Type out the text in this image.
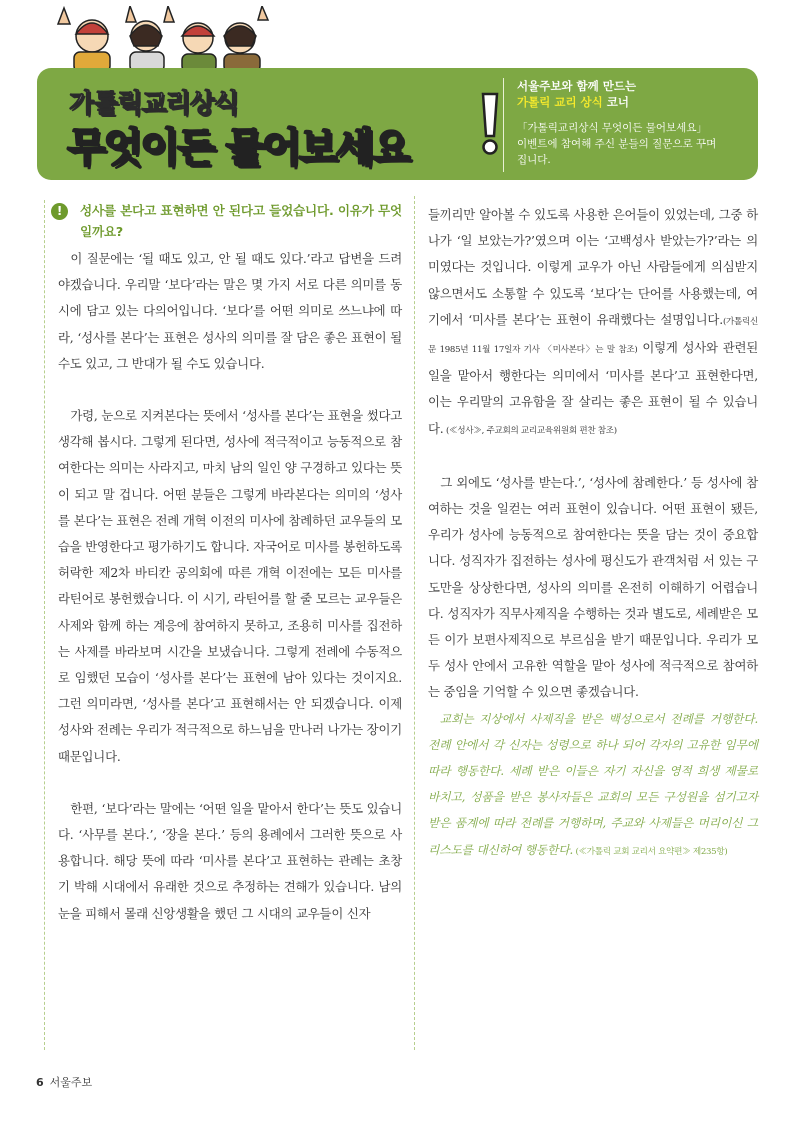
가톨릭교리상식
무엇이든 물어보세요
서울주보와 함께 만드는
가톨릭 교리 상식 코너
「가톨릭교리상식 무엇이든 물어보세요」 이벤트에 참여해 주신 분들의 질문으로 꾸며집니다.
!	성사를 본다고 표현하면 안 된다고 들었습니다. 이유가 무엇일까요?

이 질문에는 ‘될 때도 있고, 안 될 때도 있다.’라고 답변을 드려야겠습니다. 우리말 ‘보다’라는 말은 몇 가지 서로 다른 의미를 동시에 담고 있는 다의어입니다. ‘보다’를 어떤 의미로 쓰느냐에 따라, ‘성사를 본다’는 표현은 성사의 의미를 잘 담은 좋은 표현이 될 수도 있고, 그 반대가 될 수도 있습니다.

가령, 눈으로 지켜본다는 뜻에서 ‘성사를 본다’는 표현을 썼다고 생각해 봅시다. 그렇게 된다면, 성사에 적극적이고 능동적으로 참여한다는 의미는 사라지고, 마치 남의 일인 양 구경하고 있다는 뜻이 되고 말 겁니다. 어떤 분들은 그렇게 바라본다는 의미의 ‘성사를 본다’는 표현은 전례 개혁 이전의 미사에 참례하던 교우들의 모습을 반영한다고 평가하기도 합니다. 자국어로 미사를 봉헌하도록 허락한 제2차 바티칸 공의회에 따른 개혁 이전에는 모든 미사를 라틴어로 봉헌했습니다. 이 시기, 라틴어를 할 줄 모르는 교우들은 사제와 함께 하는 계응에 참여하지 못하고, 조용히 미사를 집전하는 사제를 바라보며 시간을 보냈습니다. 그렇게 전례에 수동적으로 임했던 모습이 ‘성사를 본다’는 표현에 남아 있다는 것이지요. 그런 의미라면, ‘성사를 본다’고 표현해서는 안 되겠습니다. 이제 성사와 전례는 우리가 적극적으로 하느님을 만나러 나가는 장이기 때문입니다.

한편, ‘보다’라는 말에는 ‘어떤 일을 맡아서 한다’는 뜻도 있습니다. ‘사무를 본다.’, ‘장을 본다.’ 등의 용례에서 그러한 뜻으로 사용합니다. 해당 뜻에 따라 ‘미사를 본다’고 표현하는 관례는 초창기 박해 시대에서 유래한 것으로 추정하는 견해가 있습니다. 남의 눈을 피해서 몰래 신앙생활을 했던 그 시대의 교우들이 신자

들끼리만 알아볼 수 있도록 사용한 은어들이 있었는데, 그중 하나가 ‘일 보았는가?’였으며 이는 ‘고백성사 받았는가?’라는 의미였다는 것입니다. 이렇게 교우가 아닌 사람들에게 의심받지 않으면서도 소통할 수 있도록 ‘보다’는 단어를 사용했는데, 여기에서 ‘미사를 본다’는 표현이 유래했다는 설명입니다.(가톨릭신문 1985년 11월 17일자 기사 〈미사본다〉는 말 참조) 이렇게 성사와 관련된 일을 맡아서 행한다는 의미에서 ‘미사를 본다’고 표현한다면, 이는 우리말의 고유함을 잘 살리는 좋은 표현이 될 수 있습니다. (≪성사≫, 주교회의 교리교육위원회 편찬 참조)

그 외에도 ‘성사를 받는다.’, ‘성사에 참례한다.’ 등 성사에 참여하는 것을 일컫는 여러 표현이 있습니다. 어떤 표현이 됐든, 우리가 성사에 능동적으로 참여한다는 뜻을 담는 것이 중요합니다. 성직자가 집전하는 성사에 평신도가 관객처럼 서 있는 구도만을 상상한다면, 성사의 의미를 온전히 이해하기 어렵습니다. 성직자가 직무사제직을 수행하는 것과 별도로, 세례받은 모든 이가 보편사제직으로 부르심을 받기 때문입니다. 우리가 모두 성사 안에서 고유한 역할을 맡아 성사에 적극적으로 참여하는 중임을 기억할 수 있으면 좋겠습니다.

교회는 지상에서 사제직을 받은 백성으로서 전례를 거행한다. 전례 안에서 각 신자는 성령으로 하나 되어 각자의 고유한 임무에 따라 행동한다. 세례 받은 이들은 자기 자신을 영적 희생 제물로 바치고, 성품을 받은 봉사자들은 교회의 모든 구성원을 섬기고자 받은 품계에 따라 전례를 거행하며, 주교와 사제들은 머리이신 그리스도를 대신하여 행동한다. (≪가톨릭 교회 교리서 요약편≫ 제235항)

6 서울주보
